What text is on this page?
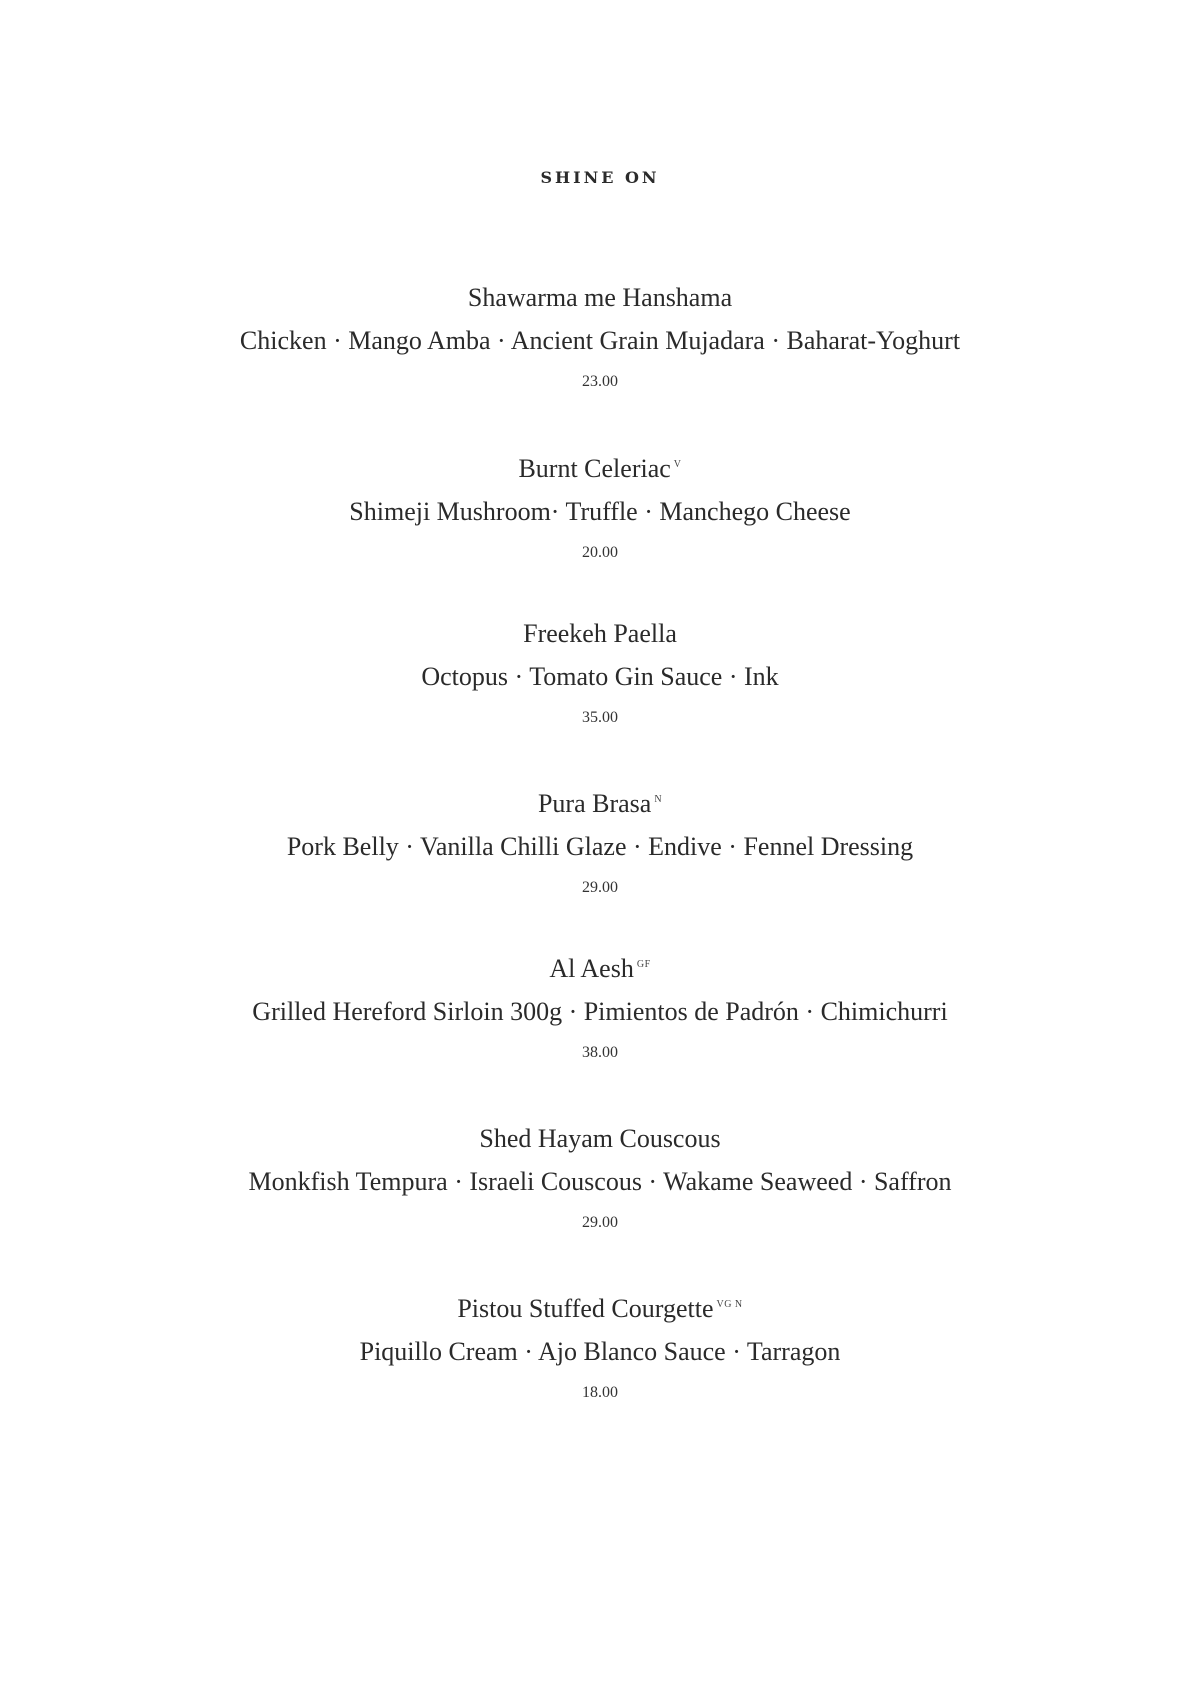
SHINE ON
Shawarma me Hanshama
Chicken · Mango Amba · Ancient Grain Mujadara · Baharat-Yoghurt
23.00
Burnt Celeriac $^V$
Shimeji Mushroom· Truffle · Manchego Cheese
20.00
Freekeh Paella
Octopus · Tomato Gin Sauce · Ink
35.00
Pura Brasa $^N$
Pork Belly · Vanilla Chilli Glaze · Endive · Fennel Dressing
29.00
Al Aesh $^{GF}$
Grilled Hereford Sirloin 300g · Pimientos de Padrón · Chimichurri
38.00
Shed Hayam Couscous
Monkfish Tempura · Israeli Couscous · Wakame Seaweed · Saffron
29.00
Pistou Stuffed Courgette $^{VG N}$
Piquillo Cream · Ajo Blanco Sauce · Tarragon
18.00
